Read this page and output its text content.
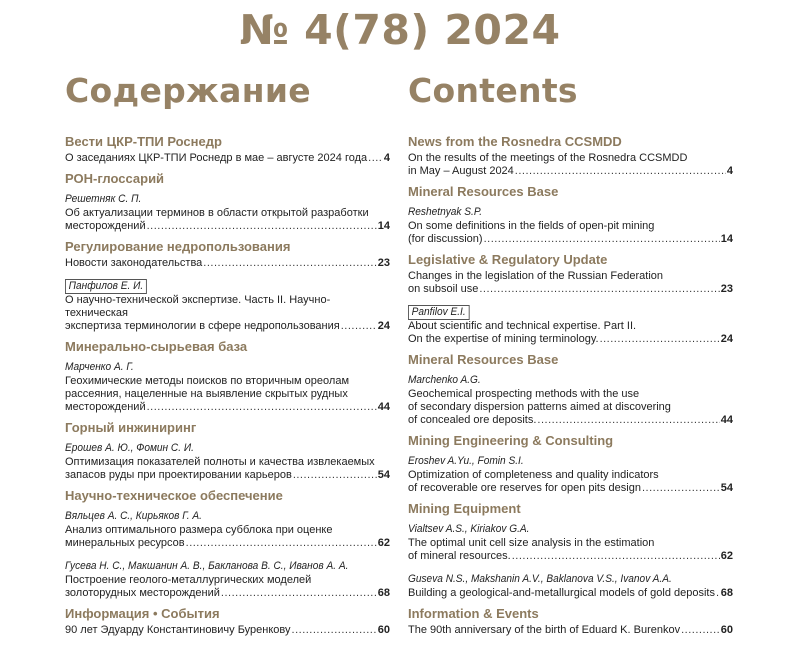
№ 4(78) 2024
Содержание
Вести ЦКР-ТПИ Роснедр
О заседаниях ЦКР-ТПИ Роснедр в мае – августе 2024 года ..... 4
РОН-глоссарий
Решетняк С. П.
Об актуализации терминов в области открытой разработки
месторождений .....	14
Регулирование недропользования
Новости законодательства .....	23
Панфилов Е. И.
О научно-технической экспертизе. Часть II. Научно-техническая
экспертиза терминологии в сфере недропользования .....	24
Минерально-сырьевая база
Марченко А. Г.
Геохимические методы поисков по вторичным ореолам
рассеяния, нацеленные на выявление скрытых рудных
месторождений .....	44
Горный инжиниринг
Ерошев А. Ю., Фомин С. И.
Оптимизация показателей полноты и качества извлекаемых
запасов руды при проектировании карьеров .....	54
Научно-техническое обеспечение
Вяльцев А. С., Кирьяков Г. А.
Анализ оптимального размера субблока при оценке
минеральных ресурсов .....	62
Гусева Н. С., Макшанин А. В., Бакланова В. С., Иванов А. А.
Построение геолого-металлургических моделей
золоторудных месторождений .....	68
Информация • События
90 лет Эдуарду Константиновичу Буренкову .....	60
Contents
News from the Rosnedra CCSMDD
On the results of the meetings of the Rosnedra CCSMDD
in May – August 2024 .....	4
Mineral Resources Base
Reshetnyak S.P.
On some definitions in the fields of open-pit mining
(for discussion) .....	14
Legislative & Regulatory Update
Changes in the legislation of the Russian Federation
on subsoil use .....	23
Panfilov E.I.
About scientific and technical expertise. Part II.
On the expertise of mining terminology. .....	24
Mineral Resources Base
Marchenko A.G.
Geochemical prospecting methods with the use
of secondary dispersion patterns aimed at discovering
of concealed ore deposits. .....	44
Mining Engineering & Consulting
Eroshev A.Yu., Fomin S.I.
Optimization of completeness and quality indicators
of recoverable ore reserves for open pits design .....	54
Mining Equipment
Vialtsev A.S., Kiriakov G.A.
The optimal unit cell size analysis in the estimation
of mineral resources. .....	62
Guseva N.S., Makshanin A.V., Baklanova V.S., Ivanov A.A.
Building a geological-and-metallurgical models of gold deposits ..... 68
Information & Events
The 90th anniversary of the birth of Eduard K. Burenkov .....	60
